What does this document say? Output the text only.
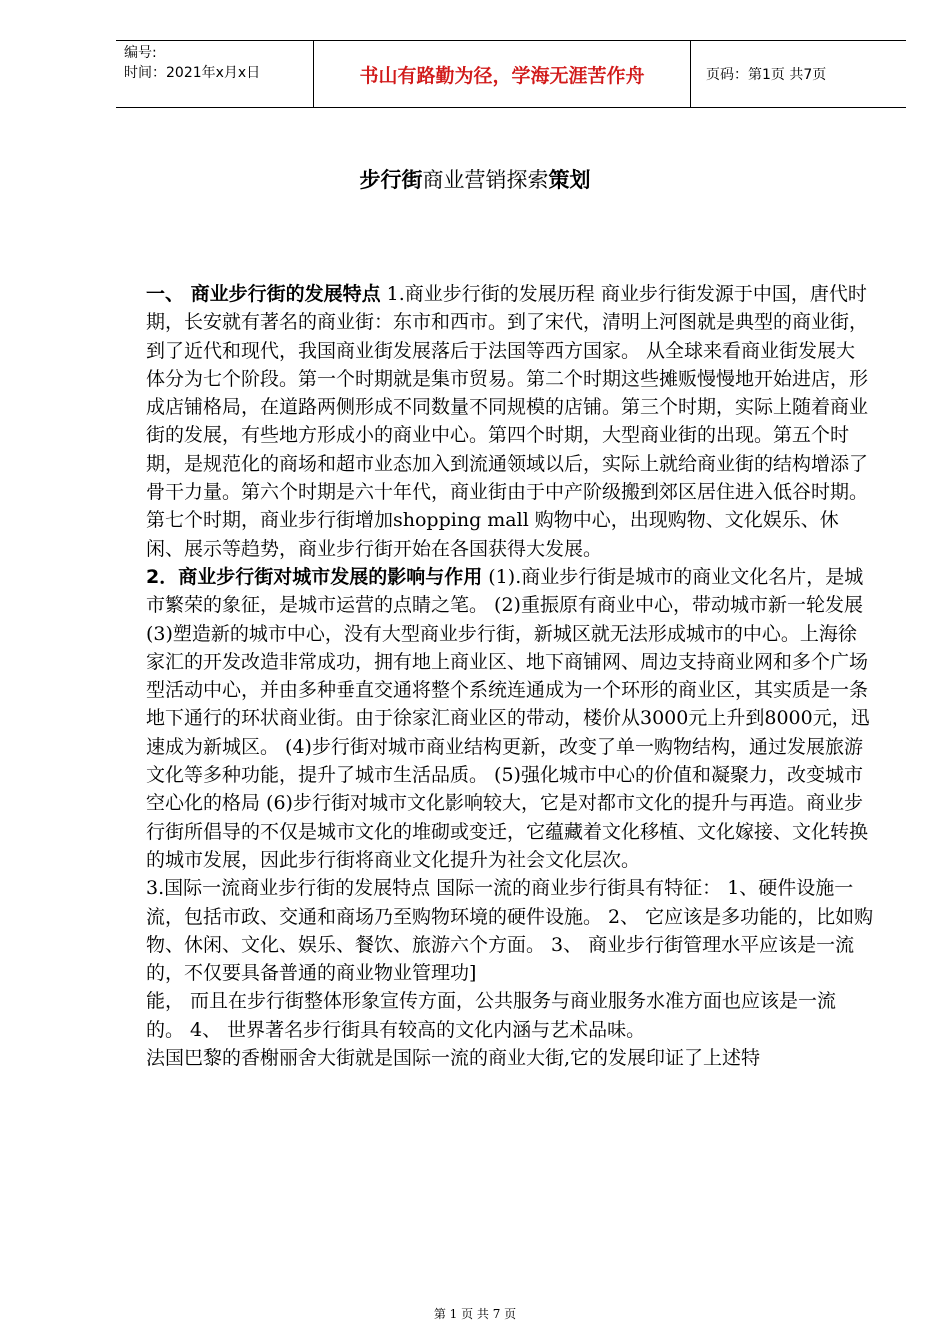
编号:
时间：2021年x月x日	书山有路勤为径，学海无涯苦作舟	页码：第1页 共7页
步行街商业营销探索策划

一、 商业步行街的发展特点 1.商业步行街的发展历程 商业步行街发源于中国，唐代时期，长安就有著名的商业街：东市和西市。到了宋代，清明上河图就是典型的商业街，到了近代和现代，我国商业街发展落后于法国等西方国家。 从全球来看商业街发展大体分为七个阶段。第一个时期就是集市贸易。第二个时期这些摊贩慢慢地开始进店，形成店铺格局，在道路两侧形成不同数量不同规模的店铺。第三个时期，实际上随着商业街的发展，有些地方形成小的商业中心。第四个时期，大型商业街的出现。第五个时期，是规范化的商场和超市业态加入到流通领域以后，实际上就给商业街的结构增添了骨干力量。第六个时期是六十年代，商业街由于中产阶级搬到郊区居住进入低谷时期。第七个时期，商业步行街增加shopping mall 购物中心，出现购物、文化娱乐、休闲、展示等趋势，商业步行街开始在各国获得大发展。

2．商业步行街对城市发展的影响与作用 (1).商业步行街是城市的商业文化名片，是城市繁荣的象征，是城市运营的点睛之笔。 (2)重振原有商业中心，带动城市新一轮发展 (3)塑造新的城市中心，没有大型商业步行街，新城区就无法形成城市的中心。上海徐家汇的开发改造非常成功，拥有地上商业区、地下商铺网、周边支持商业网和多个广场型活动中心，并由多种垂直交通将整个系统连通成为一个环形的商业区，其实质是一条地下通行的环状商业街。由于徐家汇商业区的带动，楼价从3000元上升到8000元，迅速成为新城区。 (4)步行街对城市商业结构更新，改变了单一购物结构，通过发展旅游文化等多种功能，提升了城市生活品质。 (5)强化城市中心的价值和凝聚力，改变城市空心化的格局 (6)步行街对城市文化影响较大，它是对都市文化的提升与再造。商业步行街所倡导的不仅是城市文化的堆砌或变迁，它蕴藏着文化移植、文化嫁接、文化转换的城市发展，因此步行街将商业文化提升为社会文化层次。

3.国际一流商业步行街的发展特点 国际一流的商业步行街具有特征： 1、硬件设施一流，包括市政、交通和商场乃至购物环境的硬件设施。 2、 它应该是多功能的，比如购物、休闲、文化、娱乐、餐饮、旅游六个方面。 3、 商业步行街管理水平应该是一流的，不仅要具备普通的商业物业管理功]

能， 而且在步行街整体形象宣传方面，公共服务与商业服务水准方面也应该是一流的。 4、 世界著名步行街具有较高的文化内涵与艺术品味。

法国巴黎的香榭丽舍大街就是国际一流的商业大街,它的发展印证了上述特

第 1 页 共 7 页
